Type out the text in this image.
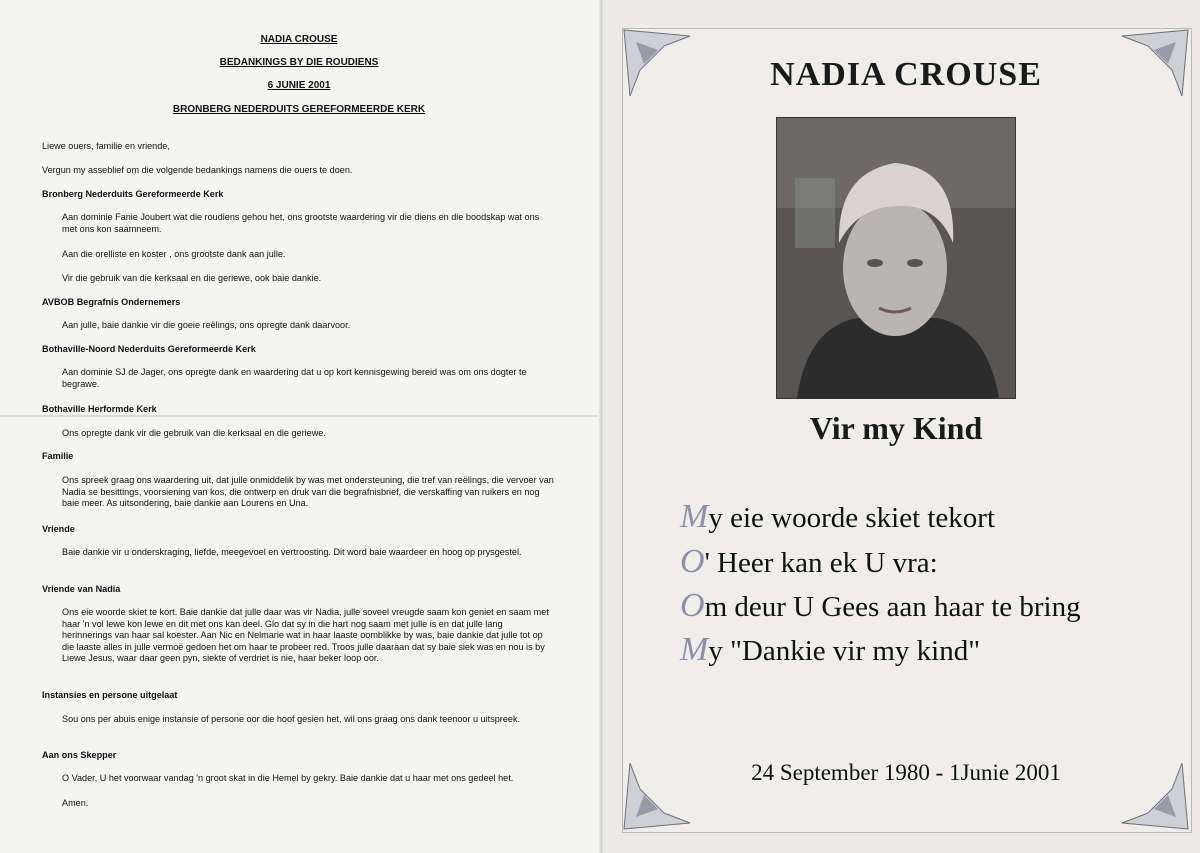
NADIA CROUSE
BEDANKINGS BY DIE ROUDIENS
6 JUNIE 2001
BRONBERG NEDERDUITS GEREFORMEERDE KERK
Liewe ouers, familie en vriende,
Vergun my asseblief om die volgende bedankings namens die ouers te doen.
Bronberg Nederduits Gereformeerde Kerk
Aan dominie Fanie Joubert wat die roudiens gehou het, ons grootste waardering vir die diens en die boodskap wat ons met ons kon saamneem.
Aan die orelliste en koster , ons grootste dank aan julle.
Vir die gebruik van die kerksaal en die geriewe, ook baie dankie.
AVBOB Begrafnis Ondernemers
Aan julle, baie dankie vir die goeie reëlings, ons opregte dank daarvoor.
Bothaville-Noord Nederduits Gereformeerde Kerk
Aan dominie SJ de Jager, ons opregte dank en waardering dat u op kort kennisgewing bereid was om ons dogter te begrawe.
Bothaville Herformde Kerk
Ons opregte dank vir die gebruik van die kerksaal en die geriewe.
Familie
Ons spreek graag ons waardering uit, dat julle onmiddelik by was met ondersteuning, die tref van reëlings, die vervoer van Nadia se besittings, voorsiening van kos, die ontwerp en druk van die begrafnisbrief, die verskaffing van ruikers en nog baie meer. As uitsondering, baie dankie aan Lourens en Una.
Vriende
Baie dankie vir u onderskraging, liefde, meegevoel en vertroosting. Dit word baie waardeer en hoog op prysgestel.
Vriende van Nadia
Ons eie woorde skiet te kort. Baie dankie dat julle daar was vir Nadia, julle soveel vreugde saam kon geniet en saam met haar 'n vol lewe kon lewe en dit met ons kan deel. Glo dat sy in die hart nog saam met julle is en dat julle lang herinnerings van haar sal koester. Aan Nic en Nelmarie wat in haar laaste oomblikke by was, baie dankie dat julle tot op die laaste alles in julle vermoë gedoen het om haar te probeer red. Troos julle daaraan dat sy baie siek was en nou is by Liewe Jesus, waar daar geen pyn, siekte of verdriet is nie, haar beker loop oor.
Instansies en persone uitgelaat
Sou ons per abuis enige instansie of persone oor die hoof gesien het, wil ons graag ons dank teenoor u uitspreek.
Aan ons Skepper
O Vader, U het voorwaar vandag 'n groot skat in die Hemel by gekry. Baie dankie dat u haar met ons gedeel het.
Amen.
NADIA CROUSE
Vir my Kind
My eie woorde skiet tekort
O' Heer kan ek U vra:
Om deur U Gees aan haar te bring
My "Dankie vir my kind"
24 September 1980 - 1Junie 2001
